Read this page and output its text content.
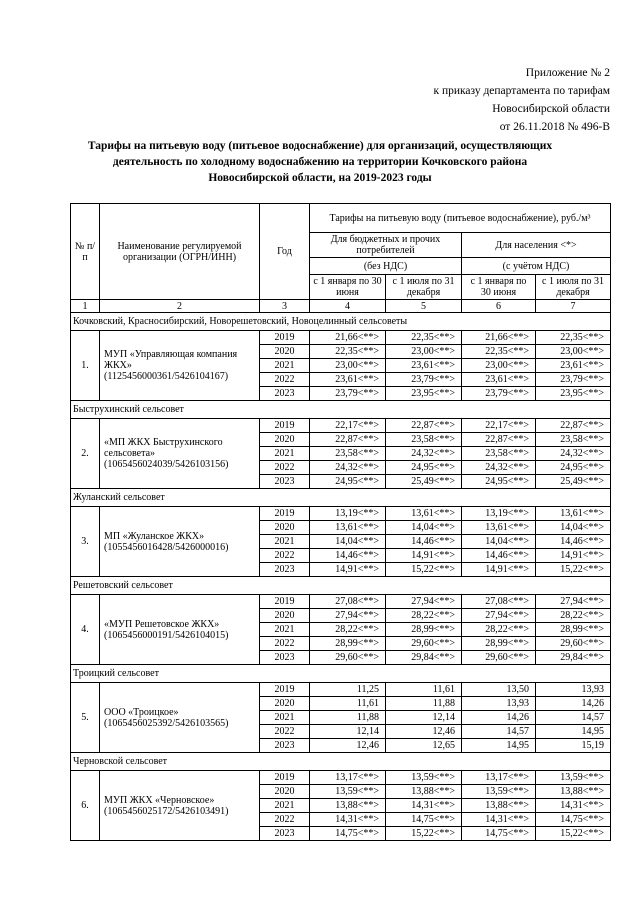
Приложение № 2
к приказу департамента по тарифам
Новосибирской области
от 26.11.2018 № 496-В
Тарифы на питьевую воду (питьевое водоснабжение) для организаций, осуществляющих деятельность по холодному водоснабжению на территории Кочковского района Новосибирской области, на 2019-2023 годы
№ п/п	Наименование регулируемой организации (ОГРН/ИНН)	Год	Тарифы на питьевую воду (питьевое водоснабжение), руб./м³			
			Для бюджетных и прочих потребителей		Для населения <*>	
			(без НДС)		(с учётом НДС)	
			с 1 января по 30 июня	с 1 июля по 31 декабря	с 1 января по 30 июня	с 1 июля по 31 декабря
1	2	3	4	5	6	7
Кочковский, Красносибирский, Новорешетовский, Новоцелинный сельсоветы						
1.	МУП «Управляющая компания ЖКХ» (1125456000361/5426104167)	2019	21,66<**>	22,35<**>	21,66<**>	22,35<**>
		2020	22,35<**>	23,00<**>	22,35<**>	23,00<**>
		2021	23,00<**>	23,61<**>	23,00<**>	23,61<**>
		2022	23,61<**>	23,79<**>	23,61<**>	23,79<**>
		2023	23,79<**>	23,95<**>	23,79<**>	23,95<**>
Быструхинский сельсовет						
2.	«МП ЖКХ Быструхинского сельсовета» (1065456024039/5426103156)	2019	22,17<**>	22,87<**>	22,17<**>	22,87<**>
		2020	22,87<**>	23,58<**>	22,87<**>	23,58<**>
		2021	23,58<**>	24,32<**>	23,58<**>	24,32<**>
		2022	24,32<**>	24,95<**>	24,32<**>	24,95<**>
		2023	24,95<**>	25,49<**>	24,95<**>	25,49<**>
Жуланский сельсовет						
3.	МП «Жуланское ЖКХ» (1055456016428/5426000016)	2019	13,19<**>	13,61<**>	13,19<**>	13,61<**>
		2020	13,61<**>	14,04<**>	13,61<**>	14,04<**>
		2021	14,04<**>	14,46<**>	14,04<**>	14,46<**>
		2022	14,46<**>	14,91<**>	14,46<**>	14,91<**>
		2023	14,91<**>	15,22<**>	14,91<**>	15,22<**>
Решетовский сельсовет						
4.	«МУП Решетовское ЖКХ» (1065456000191/5426104015)	2019	27,08<**>	27,94<**>	27,08<**>	27,94<**>
		2020	27,94<**>	28,22<**>	27,94<**>	28,22<**>
		2021	28,22<**>	28,99<**>	28,22<**>	28,99<**>
		2022	28,99<**>	29,60<**>	28,99<**>	29,60<**>
		2023	29,60<**>	29,84<**>	29,60<**>	29,84<**>
Троицкий сельсовет						
5.	ООО «Троицкое» (1065456025392/5426103565)	2019	11,25	11,61	13,50	13,93
		2020	11,61	11,88	13,93	14,26
		2021	11,88	12,14	14,26	14,57
		2022	12,14	12,46	14,57	14,95
		2023	12,46	12,65	14,95	15,19
Черновской сельсовет						
6.	МУП ЖКХ «Черновское» (1065456025172/5426103491)	2019	13,17<**>	13,59<**>	13,17<**>	13,59<**>
		2020	13,59<**>	13,88<**>	13,59<**>	13,88<**>
		2021	13,88<**>	14,31<**>	13,88<**>	14,31<**>
		2022	14,31<**>	14,75<**>	14,31<**>	14,75<**>
		2023	14,75<**>	15,22<**>	14,75<**>	15,22<**>
